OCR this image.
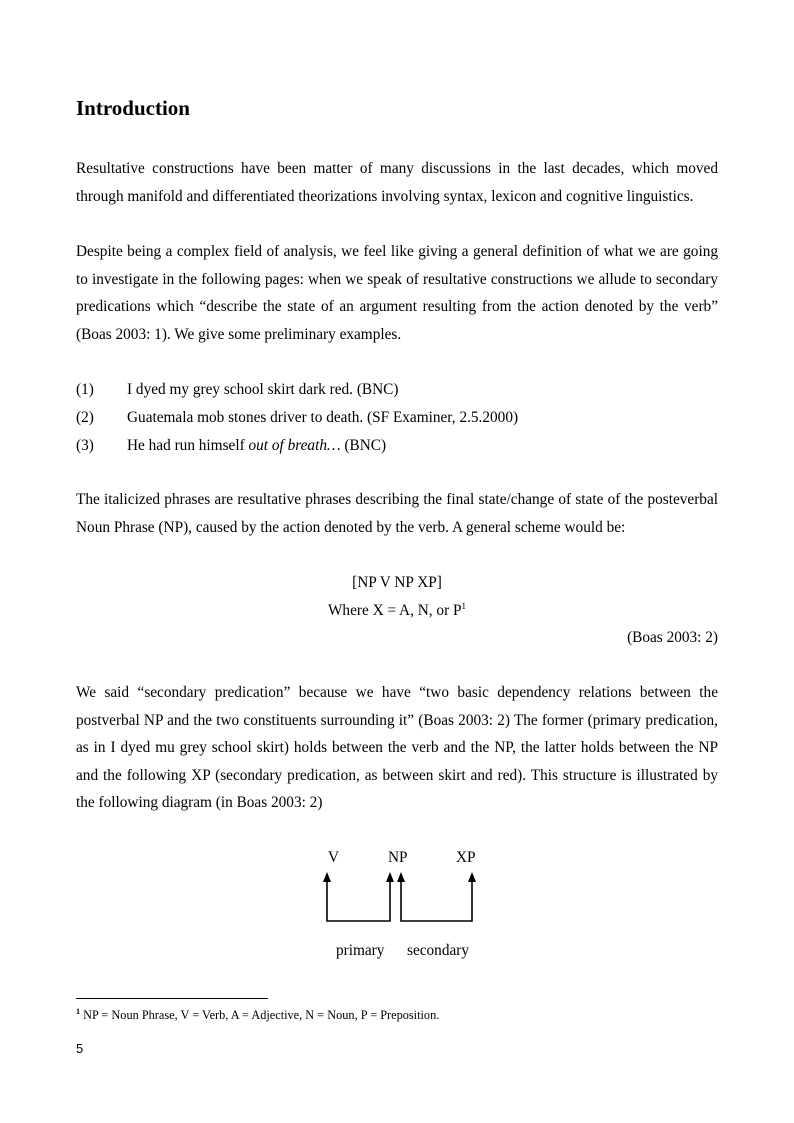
Introduction

Resultative constructions have been matter of many discussions in the last decades, which moved through manifold and differentiated theorizations involving syntax, lexicon and cognitive linguistics.

Despite being a complex field of analysis, we feel like giving a general definition of what we are going to investigate in the following pages: when we speak of resultative constructions we allude to secondary predications which “describe the state of an argument resulting from the action denoted by the verb” (Boas 2003: 1). We give some preliminary examples.

(1) I dyed my grey school skirt dark red. (BNC)
(2) Guatemala mob stones driver to death. (SF Examiner, 2.5.2000)
(3) He had run himself out of breath… (BNC)

The italicized phrases are resultative phrases describing the final state/change of state of the posteverbal Noun Phrase (NP), caused by the action denoted by the verb. A general scheme would be:

[NP V NP XP]
Where X = A, N, or $P^1$
(Boas 2003: 2)

We said “secondary predication” because we have “two basic dependency relations between the postverbal NP and the two constituents surrounding it” (Boas 2003: 2) The former (primary predication, as in I dyed mu grey school skirt) holds between the verb and the NP, the latter holds between the NP and the following XP (secondary predication, as between skirt and red). This structure is illustrated by the following diagram (in Boas 2003: 2)

V	NP	XP
primary secondary
$^1$ NP = Noun Phrase, V = Verb, A = Adjective, N = Noun, P = Preposition.
5
